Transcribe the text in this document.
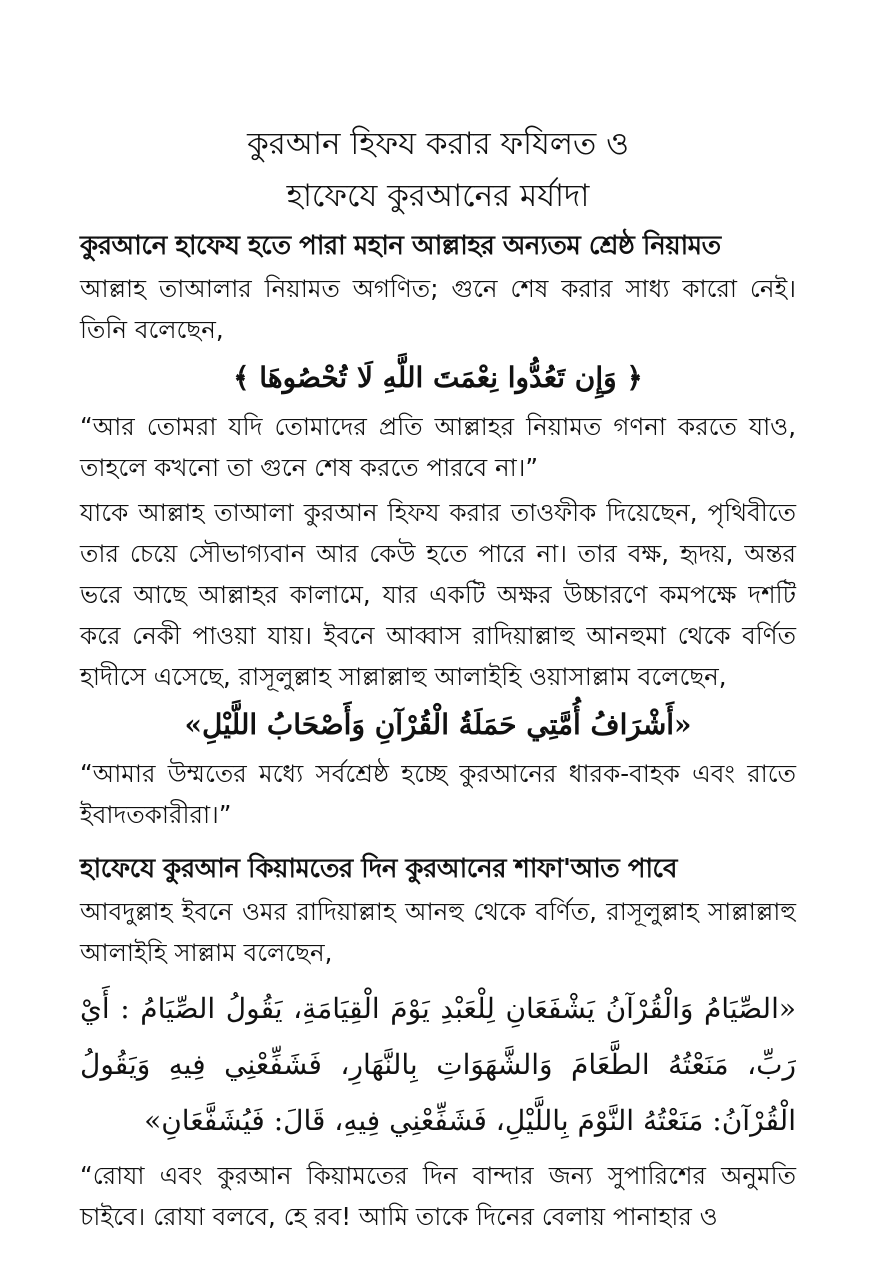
কুরআন হিফয করার ফযিলত ও
হাফেযে কুরআনের মর্যাদা
কুরআনে হাফেয হতে পারা মহান আল্লাহর অন্যতম শ্রেষ্ঠ নিয়ামত

আল্লাহ তাআলার নিয়ামত অগণিত; গুনে শেষ করার সাধ্য কারো নেই। তিনি বলেছেন,

﴿ وَإِن تَعُدُّوا نِعْمَتَ اللَّهِ لَا تُحْصُوهَا ﴾

“আর তোমরা যদি তোমাদের প্রতি আল্লাহর নিয়ামত গণনা করতে যাও, তাহলে কখনো তা গুনে শেষ করতে পারবে না।”

যাকে আল্লাহ তাআলা কুরআন হিফয করার তাওফীক দিয়েছেন, পৃথিবীতে তার চেয়ে সৌভাগ্যবান আর কেউ হতে পারে না। তার বক্ষ, হৃদয়, অন্তর ভরে আছে আল্লাহর কালামে, যার একটি অক্ষর উচ্চারণে কমপক্ষে দশটি করে নেকী পাওয়া যায়। ইবনে আব্বাস রাদিয়াল্লাহু আনহুমা থেকে বর্ণিত হাদীসে এসেছে, রাসূলুল্লাহ সাল্লাল্লাহু আলাইহি ওয়াসাল্লাম বলেছেন,

«أَشْرَافُ أُمَّتِي حَمَلَةُ الْقُرْآنِ وَأَصْحَابُ اللَّيْلِ»

“আমার উম্মতের মধ্যে সর্বশ্রেষ্ঠ হচ্ছে কুরআনের ধারক-বাহক এবং রাতে ইবাদতকারীরা।”

হাফেযে কুরআন কিয়ামতের দিন কুরআনের শাফা'আত পাবে

আবদুল্লাহ ইবনে ওমর রাদিয়াল্লাহ আনহু থেকে বর্ণিত, রাসূলুল্লাহ সাল্লাল্লাহু আলাইহি সাল্লাম বলেছেন,

«الصِّيَامُ وَالْقُرْآنُ يَشْفَعَانِ لِلْعَبْدِ يَوْمَ الْقِيَامَةِ، يَقُولُ الصِّيَامُ : أَيْ رَبِّ، مَنَعْتُهُ الطَّعَامَ وَالشَّهَوَاتِ بِالنَّهَارِ، فَشَفِّعْنِي فِيهِ وَيَقُولُ الْقُرْآنُ: مَنَعْتُهُ النَّوْمَ بِاللَّيْلِ، فَشَفِّعْنِي فِيهِ، قَالَ: فَيُشَفَّعَانِ»

“রোযা এবং কুরআন কিয়ামতের দিন বান্দার জন্য সুপারিশের অনুমতি চাইবে। রোযা বলবে, হে রব! আমি তাকে দিনের বেলায় পানাহার ও
